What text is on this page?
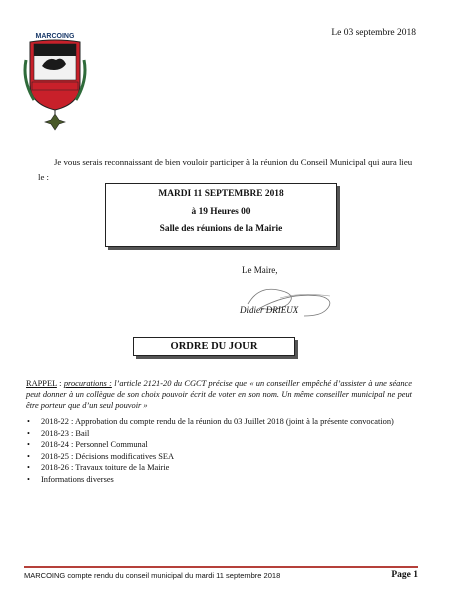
Le 03 septembre 2018
MARCOING
Je vous serais reconnaissant de bien vouloir participer à la réunion du Conseil Municipal qui aura lieu le :
MARDI 11 SEPTEMBRE 2018
à 19 Heures 00
Salle des réunions de la Mairie
Le Maire,
Didier DRIEUX
ORDRE DU JOUR
RAPPEL : procurations : l’article 2121-20 du CGCT précise que « un conseiller empêché d’assister à une séance peut donner à un collègue de son choix pouvoir écrit de voter en son nom. Un même conseiller municipal ne peut être porteur que d’un seul pouvoir »
• 2018-22 : Approbation du compte rendu de la réunion du 03 Juillet 2018 (joint à la présente convocation)
• 2018-23 : Bail
• 2018-24 : Personnel Communal
• 2018-25 : Décisions modificatives SEA
• 2018-26 : Travaux toiture de la Mairie
• Informations diverses
MARCOING compte rendu du conseil municipal du mardi 11 septembre 2018	Page 1
